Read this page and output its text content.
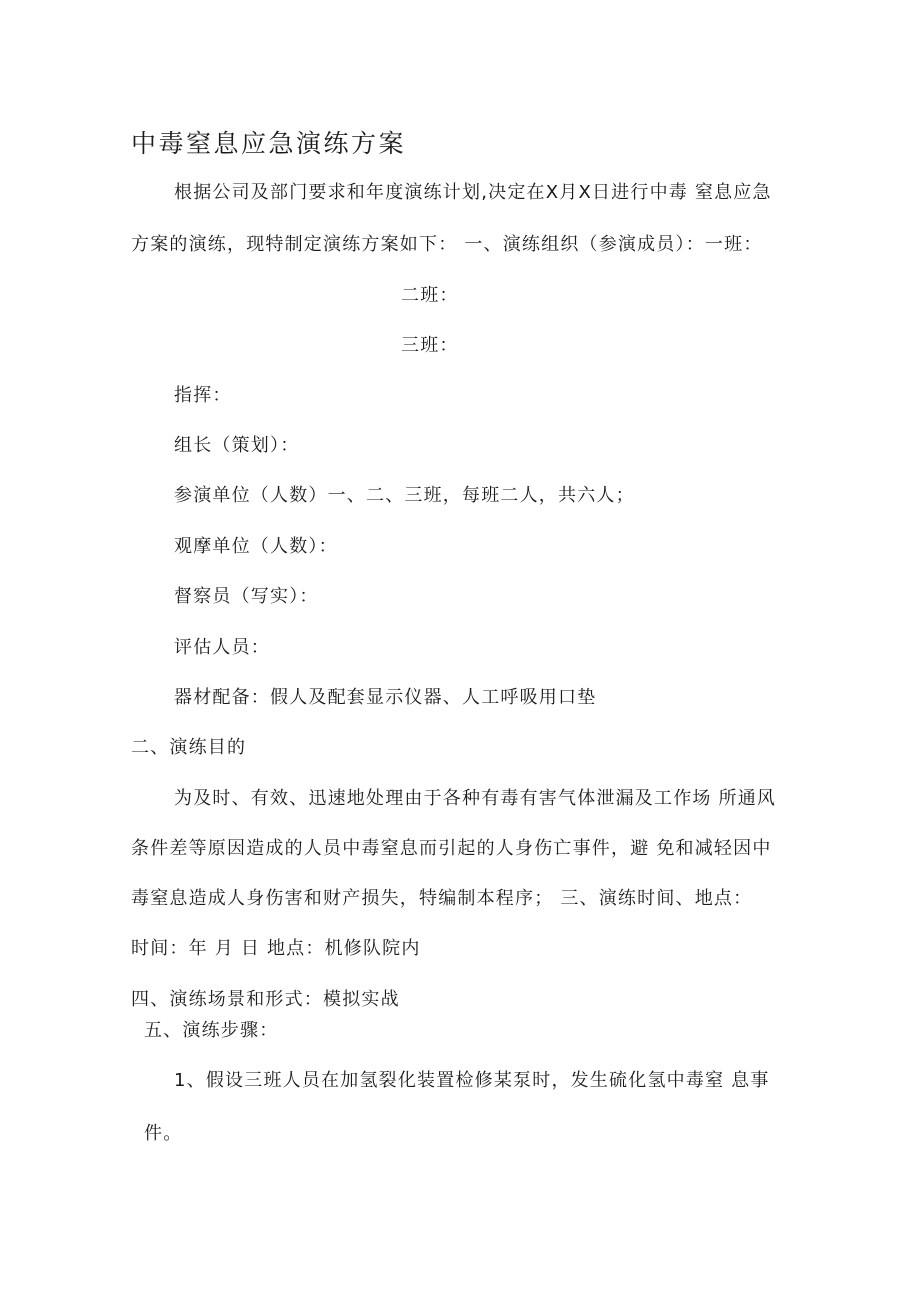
中毒窒息应急演练方案
根据公司及部门要求和年度演练计划,决定在X月X日进行中毒 窒息应急
方案的演练，现特制定演练方案如下： 一、演练组织（参演成员）：一班：
二班：
三班：
指挥：
组长（策划）：
参演单位（人数）一、二、三班，每班二人，共六人；
观摩单位（人数）：
督察员（写实）：
评估人员：
器材配备：假人及配套显示仪器、人工呼吸用口垫
二、演练目的
为及时、有效、迅速地处理由于各种有毒有害气体泄漏及工作场 所通风
条件差等原因造成的人员中毒窒息而引起的人身伤亡事件，避 免和减轻因中
毒窒息造成人身伤害和财产损失，特编制本程序； 三、演练时间、地点：
时间：年 月 日 地点：机修队院内
四、演练场景和形式：模拟实战
五、演练步骤：
1、假设三班人员在加氢裂化装置检修某泵时，发生硫化氢中毒窒 息事
件。
